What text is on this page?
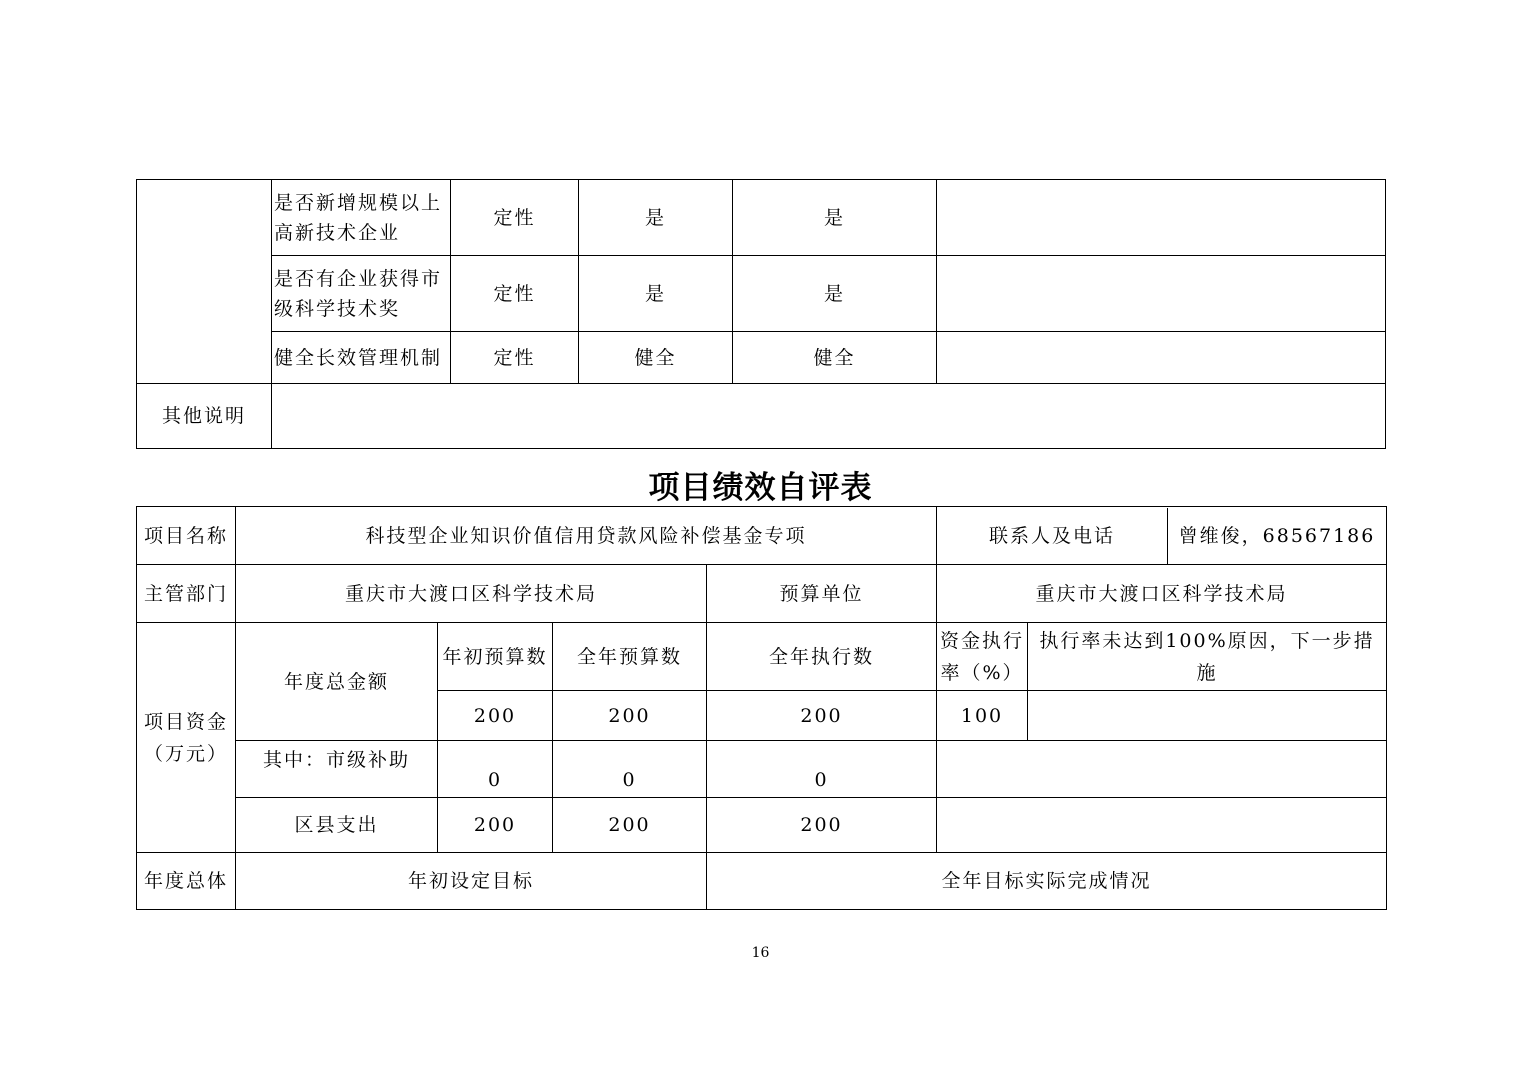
	是否新增规模以上高新技术企业	定性	是	是	
	是否有企业获得市级科学技术奖	定性	是	是	
	健全长效管理机制	定性	健全	健全	
其他说明					
项目绩效自评表
项目名称	科技型企业知识价值信用贷款风险补偿基金专项				联系人及电话 曾维俊，68567186	

主管部门	重庆市大渡口区科学技术局			预算单位	重庆市大渡口区科学技术局	
项目资金（万元）	年度总金额	年初预算数	全年预算数	全年执行数	资金执行率（%）	执行率未达到100%原因，下一步措施
		200	200	200	100	
	其中：市级补助	0	0	0		
	区县支出	200	200	200		
年度总体	年初设定目标			全年目标实际完成情况		
16
